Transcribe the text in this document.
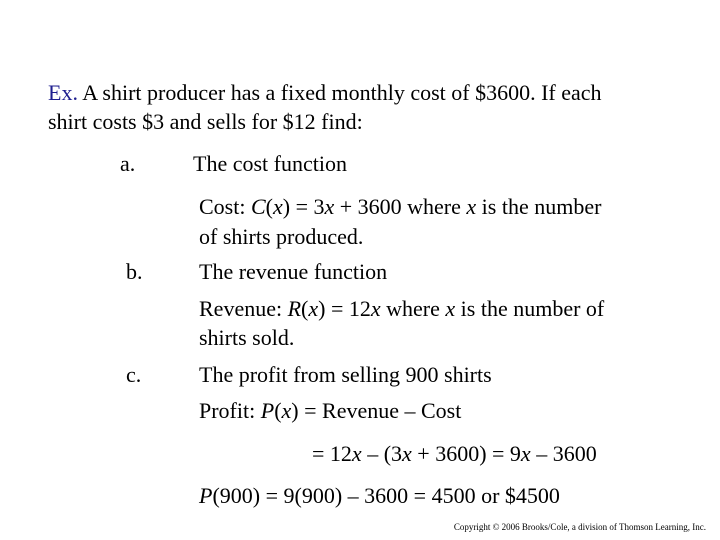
Ex. A shirt producer has a fixed monthly cost of $3600. If each
shirt costs $3 and sells for $12 find:
a.	The cost function
Cost: C(x) = 3x + 3600 where x is the number
of shirts produced.
b.	The revenue function
Revenue: R(x) = 12x where x is the number of
shirts sold.
c.	The profit from selling 900 shirts
Profit: P(x) = Revenue – Cost
= 12x – (3x + 3600) = 9x – 3600
P(900) = 9(900) – 3600 = 4500 or $4500
Copyright © 2006 Brooks/Cole, a division of Thomson Learning, Inc.
